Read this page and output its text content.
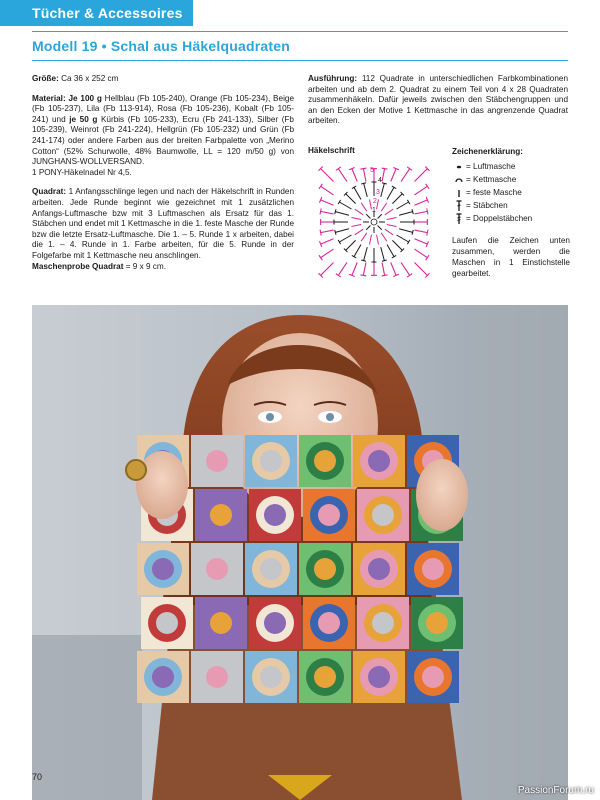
Tücher & Accessoires
Modell 19 • Schal aus Häkelquadraten

Größe: Ca 36 x 252 cm

Material: Je 100 g Hellblau (Fb 105-240), Orange (Fb 105-234), Beige (Fb 105-237), Lila (Fb 113-914), Rosa (Fb 105-236), Kobalt (Fb 105-241) und je 50 g Kürbis (Fb 105-233), Ecru (Fb 241-133), Silber (Fb 105-239), Weinrot (Fb 241-224), Hellgrün (Fb 105-232) und Grün (Fb 241-174) oder andere Farben aus der breiten Farbpalette von „Merino Cotton“ (52% Schurwolle, 48% Baumwolle, LL = 120 m/50 g) von JUNGHANS-WOLLVERSAND.

1 PONY-Häkelnadel Nr 4,5.

Quadrat: 1 Anfangsschlinge legen und nach der Häkelschrift in Runden arbeiten. Jede Runde beginnt wie gezeichnet mit 1 zusätzlichen Anfangs-Luftmasche bzw mit 3 Luftmaschen als Ersatz für das 1. Stäbchen und endet mit 1 Kettmasche in die 1. feste Masche der Runde bzw die letzte Ersatz-Luftmasche. Die 1. – 5. Runde 1 x arbeiten, dabei die 1. – 4. Runde in 1. Farbe arbeiten, für die 5. Runde in der Folgefarbe mit 1 Kettmasche neu anschlingen.

Maschenprobe Quadrat = 9 x 9 cm.

Ausführung: 112 Quadrate in unterschiedlichen Farbkombinationen arbeiten und ab dem 2. Quadrat zu einem Teil von 4 x 28 Quadraten zusammenhäkeln. Dafür jeweils zwischen den Stäbchengruppen und an den Ecken der Motive 1 Kettmasche in das angrenzende Quadrat arbeiten.

Häkelschrift
5
4
3
2
1
Zeichenerklärung:
= Luftmasche
= Kettmasche
= feste Masche
= Stäbchen
= Doppelstäbchen
Laufen die Zeichen unten zusammen, werden die Maschen in 1 Einstichstelle gearbeitet.
70
PassionForum.ru
